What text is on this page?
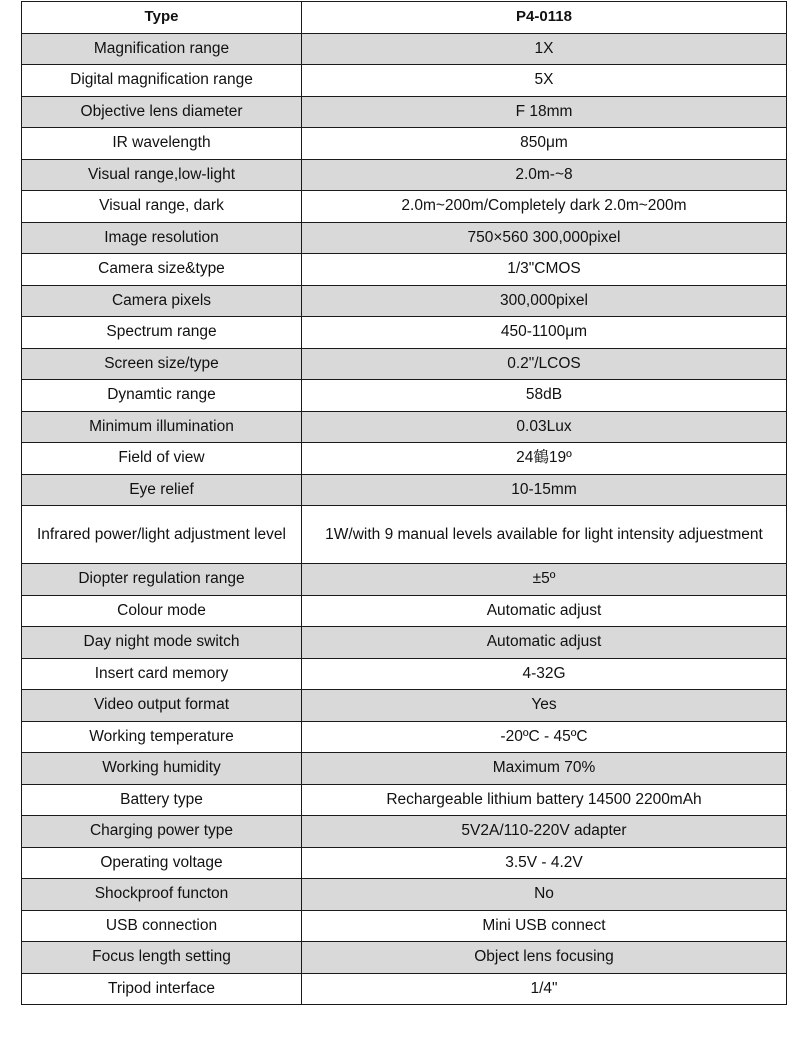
Type	P4-0118
Magnification range	1X
Digital magnification range	5X
Objective lens diameter	F 18mm
IR wavelength	850μm
Visual range,low-light	2.0m-~8
Visual range, dark	2.0m~200m/Completely dark 2.0m~200m
Image resolution	750×560 300,000pixel
Camera size&type	1/3"CMOS
Camera pixels	300,000pixel
Spectrum range	450-1100μm
Screen size/type	0.2"/LCOS
Dynamtic range	58dB
Minimum illumination	0.03Lux
Field of view	24鶴19º
Eye relief	10-15mm
Infrared power/light adjustment level	1W/with 9 manual levels available for light intensity adjuestment
Diopter regulation range	±5º
Colour mode	Automatic adjust
Day night mode switch	Automatic adjust
Insert card memory	4-32G
Video output format	Yes
Working temperature	-20ºC - 45ºC
Working humidity	Maximum 70%
Battery type	Rechargeable lithium battery 14500 2200mAh
Charging power type	5V2A/110-220V adapter
Operating voltage	3.5V - 4.2V
Shockproof functon	No
USB connection	Mini USB connect
Focus length setting	Object lens focusing
Tripod interface	1/4"
